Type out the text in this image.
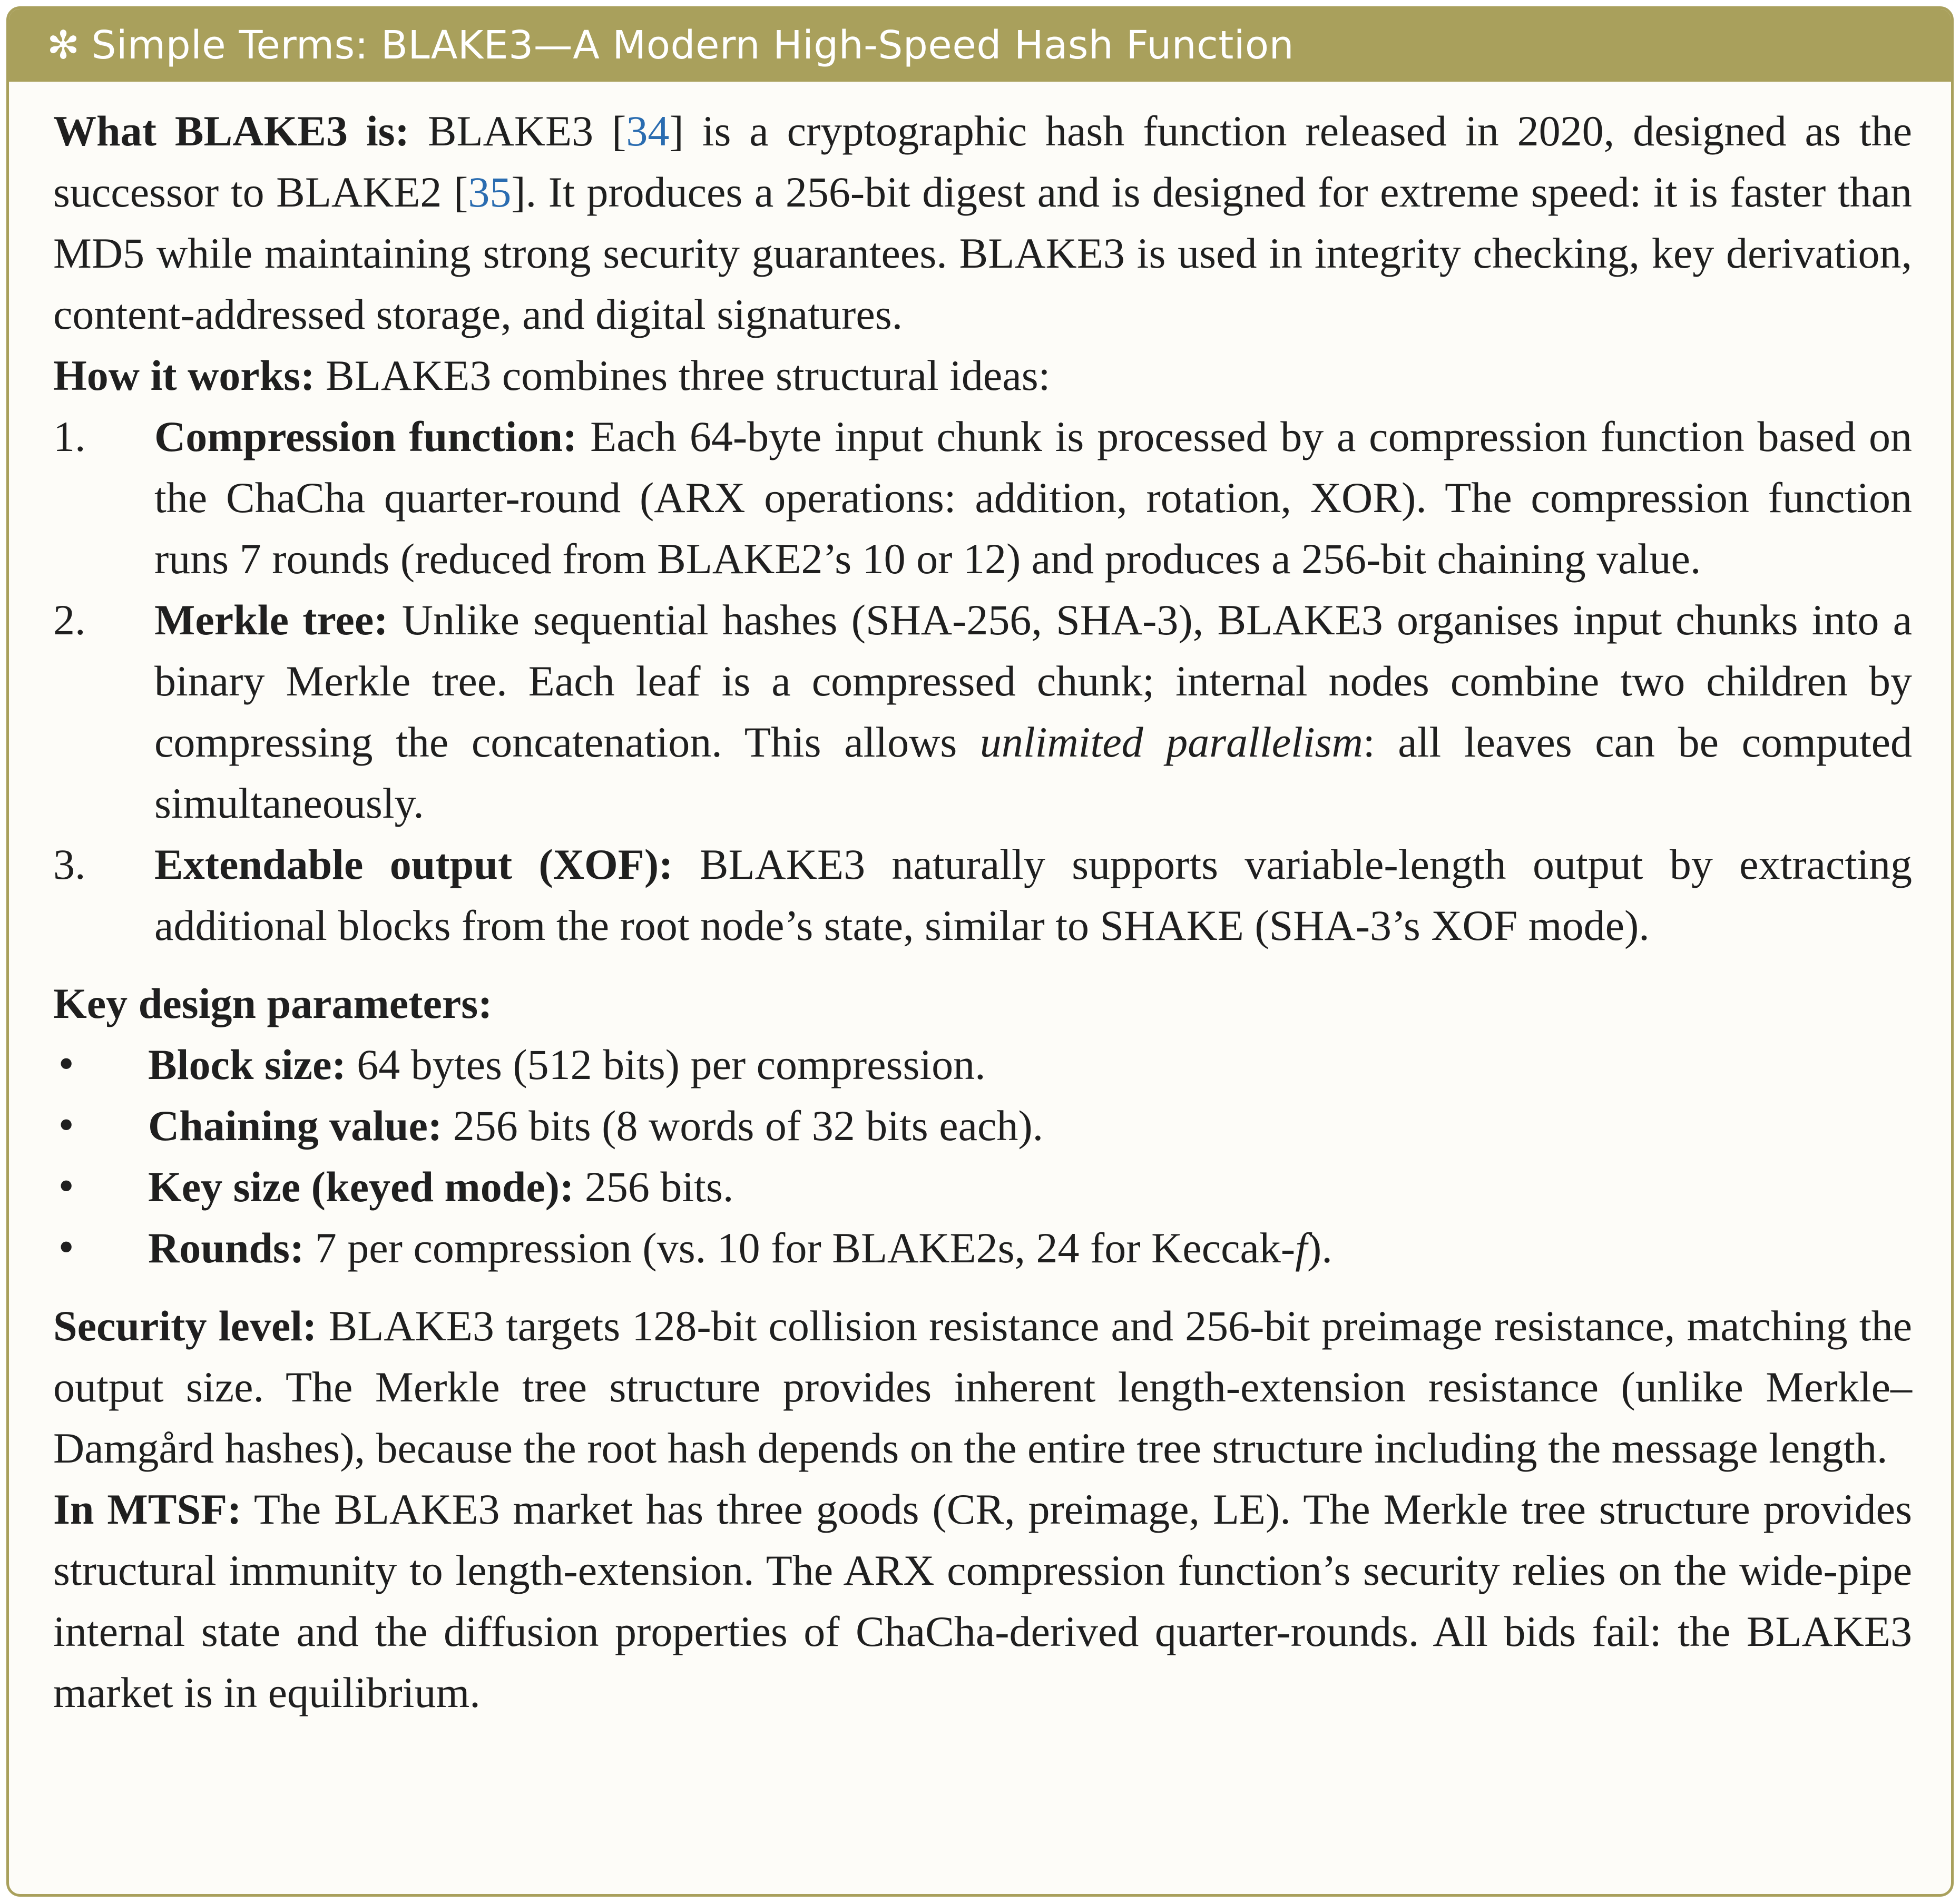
✻ Simple Terms: BLAKE3—A Modern High-Speed Hash Function

What BLAKE3 is: BLAKE3 [34] is a cryptographic hash function released in 2020, designed as the successor to BLAKE2 [35]. It produces a 256-bit digest and is designed for extreme speed: it is faster than MD5 while maintaining strong security guarantees. BLAKE3 is used in integrity checking, key derivation, content-addressed storage, and digital signatures.

How it works: BLAKE3 combines three structural ideas:

1. Compression function: Each 64-byte input chunk is processed by a compression function based on the ChaCha quarter-round (ARX operations: addition, rotation, XOR). The compression function runs 7 rounds (reduced from BLAKE2’s 10 or 12) and produces a 256-bit chaining value.
2. Merkle tree: Unlike sequential hashes (SHA-256, SHA-3), BLAKE3 organises input chunks into a binary Merkle tree. Each leaf is a compressed chunk; internal nodes combine two children by compressing the concatenation. This allows unlimited parallelism: all leaves can be computed simultaneously.
3. Extendable output (XOF): BLAKE3 naturally supports variable-length output by extracting additional blocks from the root node’s state, similar to SHAKE (SHA-3’s XOF mode).

Key design parameters:

• Block size: 64 bytes (512 bits) per compression.
• Chaining value: 256 bits (8 words of 32 bits each).
• Key size (keyed mode): 256 bits.
• Rounds: 7 per compression (vs. 10 for BLAKE2s, 24 for Keccak-f).

Security level: BLAKE3 targets 128-bit collision resistance and 256-bit preimage resistance, matching the output size. The Merkle tree structure provides inherent length-extension resistance (unlike Merkle–Damgård hashes), because the root hash depends on the entire tree structure including the message length.

In MTSF: The BLAKE3 market has three goods (CR, preimage, LE). The Merkle tree structure provides structural immunity to length-extension. The ARX compression function’s security relies on the wide-pipe internal state and the diffusion properties of ChaCha-derived quarter-rounds. All bids fail: the BLAKE3 market is in equilibrium.
